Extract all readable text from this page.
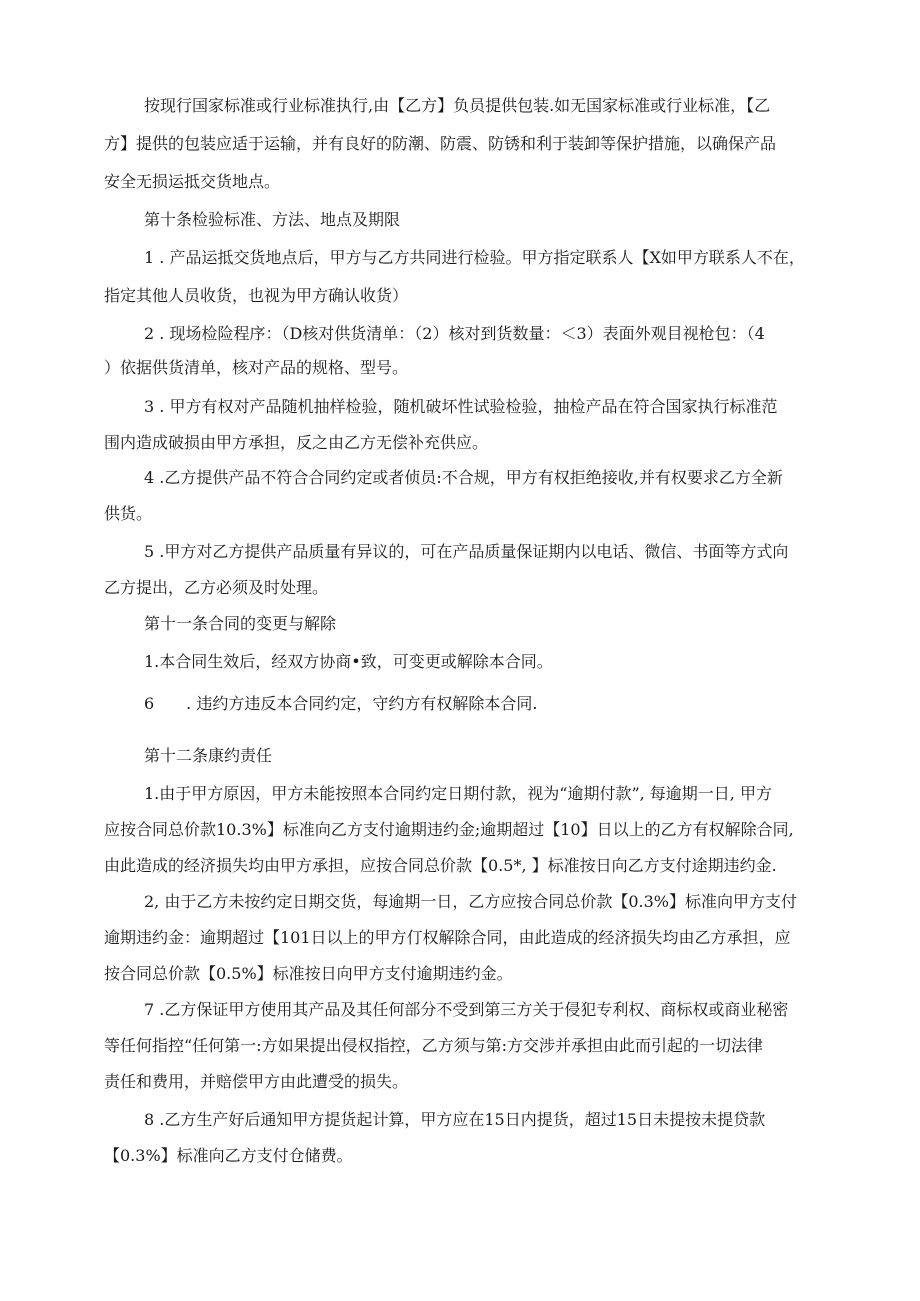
按现行国家标准或行业标准执行,由【乙方】负员提供包装.如无国家标准或行业标准，【乙
方】提供的包装应适于运输，并有良好的防潮、防震、防锈和利于装卸等保护措施，以确保产品
安全无损运抵交货地点。
第十条检验标准、方法、地点及期限
1 . 产品运抵交货地点后，甲方与乙方共同进行检验。甲方指定联系人【X如甲方联系人不在，
指定其他人员收货，也视为甲方确认收货）
2 . 现场检险程序：（D核对供货清单：（2）核对到货数量：＜3）表面外观目视枪包：（4
）依据供货清单，核对产品的规格、型号。
3 . 甲方有权对产品随机抽样检验，随机破坏性试验检验，抽检产品在符合国家执行标准范
围内造成破损由甲方承担，反之由乙方无偿补充供应。
4 .乙方提供产品不符合合同约定或者侦员:不合规，甲方有权拒绝接收,并有权要求乙方全新
供货。
5 .甲方对乙方提供产品质量有异议的，可在产品质量保证期内以电话、微信、书面等方式向
乙方提出，乙方必须及时处理。
第十一条合同的变更与解除
1.本合同生效后，经双方协商•致，可变更或解除本合同。
6　　. 违约方违反本合同约定，守约方有权解除本合同.
第十二条康约责任
1.由于甲方原因，甲方未能按照本合同约定日期付款，视为“逾期付款”, 每逾期一日, 甲方
应按合同总价款10.3%】标准向乙方支付逾期违约金;逾期超过【10】日以上的乙方有权解除合同,
由此造成的经济损失均由甲方承担，应按合同总价款【0.5*, 】标准按日向乙方支付途期违约金.
2, 由于乙方未按约定日期交货，每逾期一日，乙方应按合同总价款【0.3%】标准向甲方支付
逾期违约金：逾期超过【101日以上的甲方仃权解除合同，由此造成的经济损失均由乙方承担，应
按合同总价款【0.5%】标准按日向甲方支付逾期违约金。
7 .乙方保证甲方使用其产品及其任何部分不受到第三方关于侵犯专利权、商标权或商业秘密
等任何指控“任何第一:方如果提出侵权指控，乙方须与第:方交涉并承担由此而引起的一切法律
责任和费用，并赔偿甲方由此遭受的损失。
8 .乙方生产好后通知甲方提货起计算，甲方应在15日内提货，超过15日未提按未提贷款
【0.3%】标准向乙方支付仓储费。
